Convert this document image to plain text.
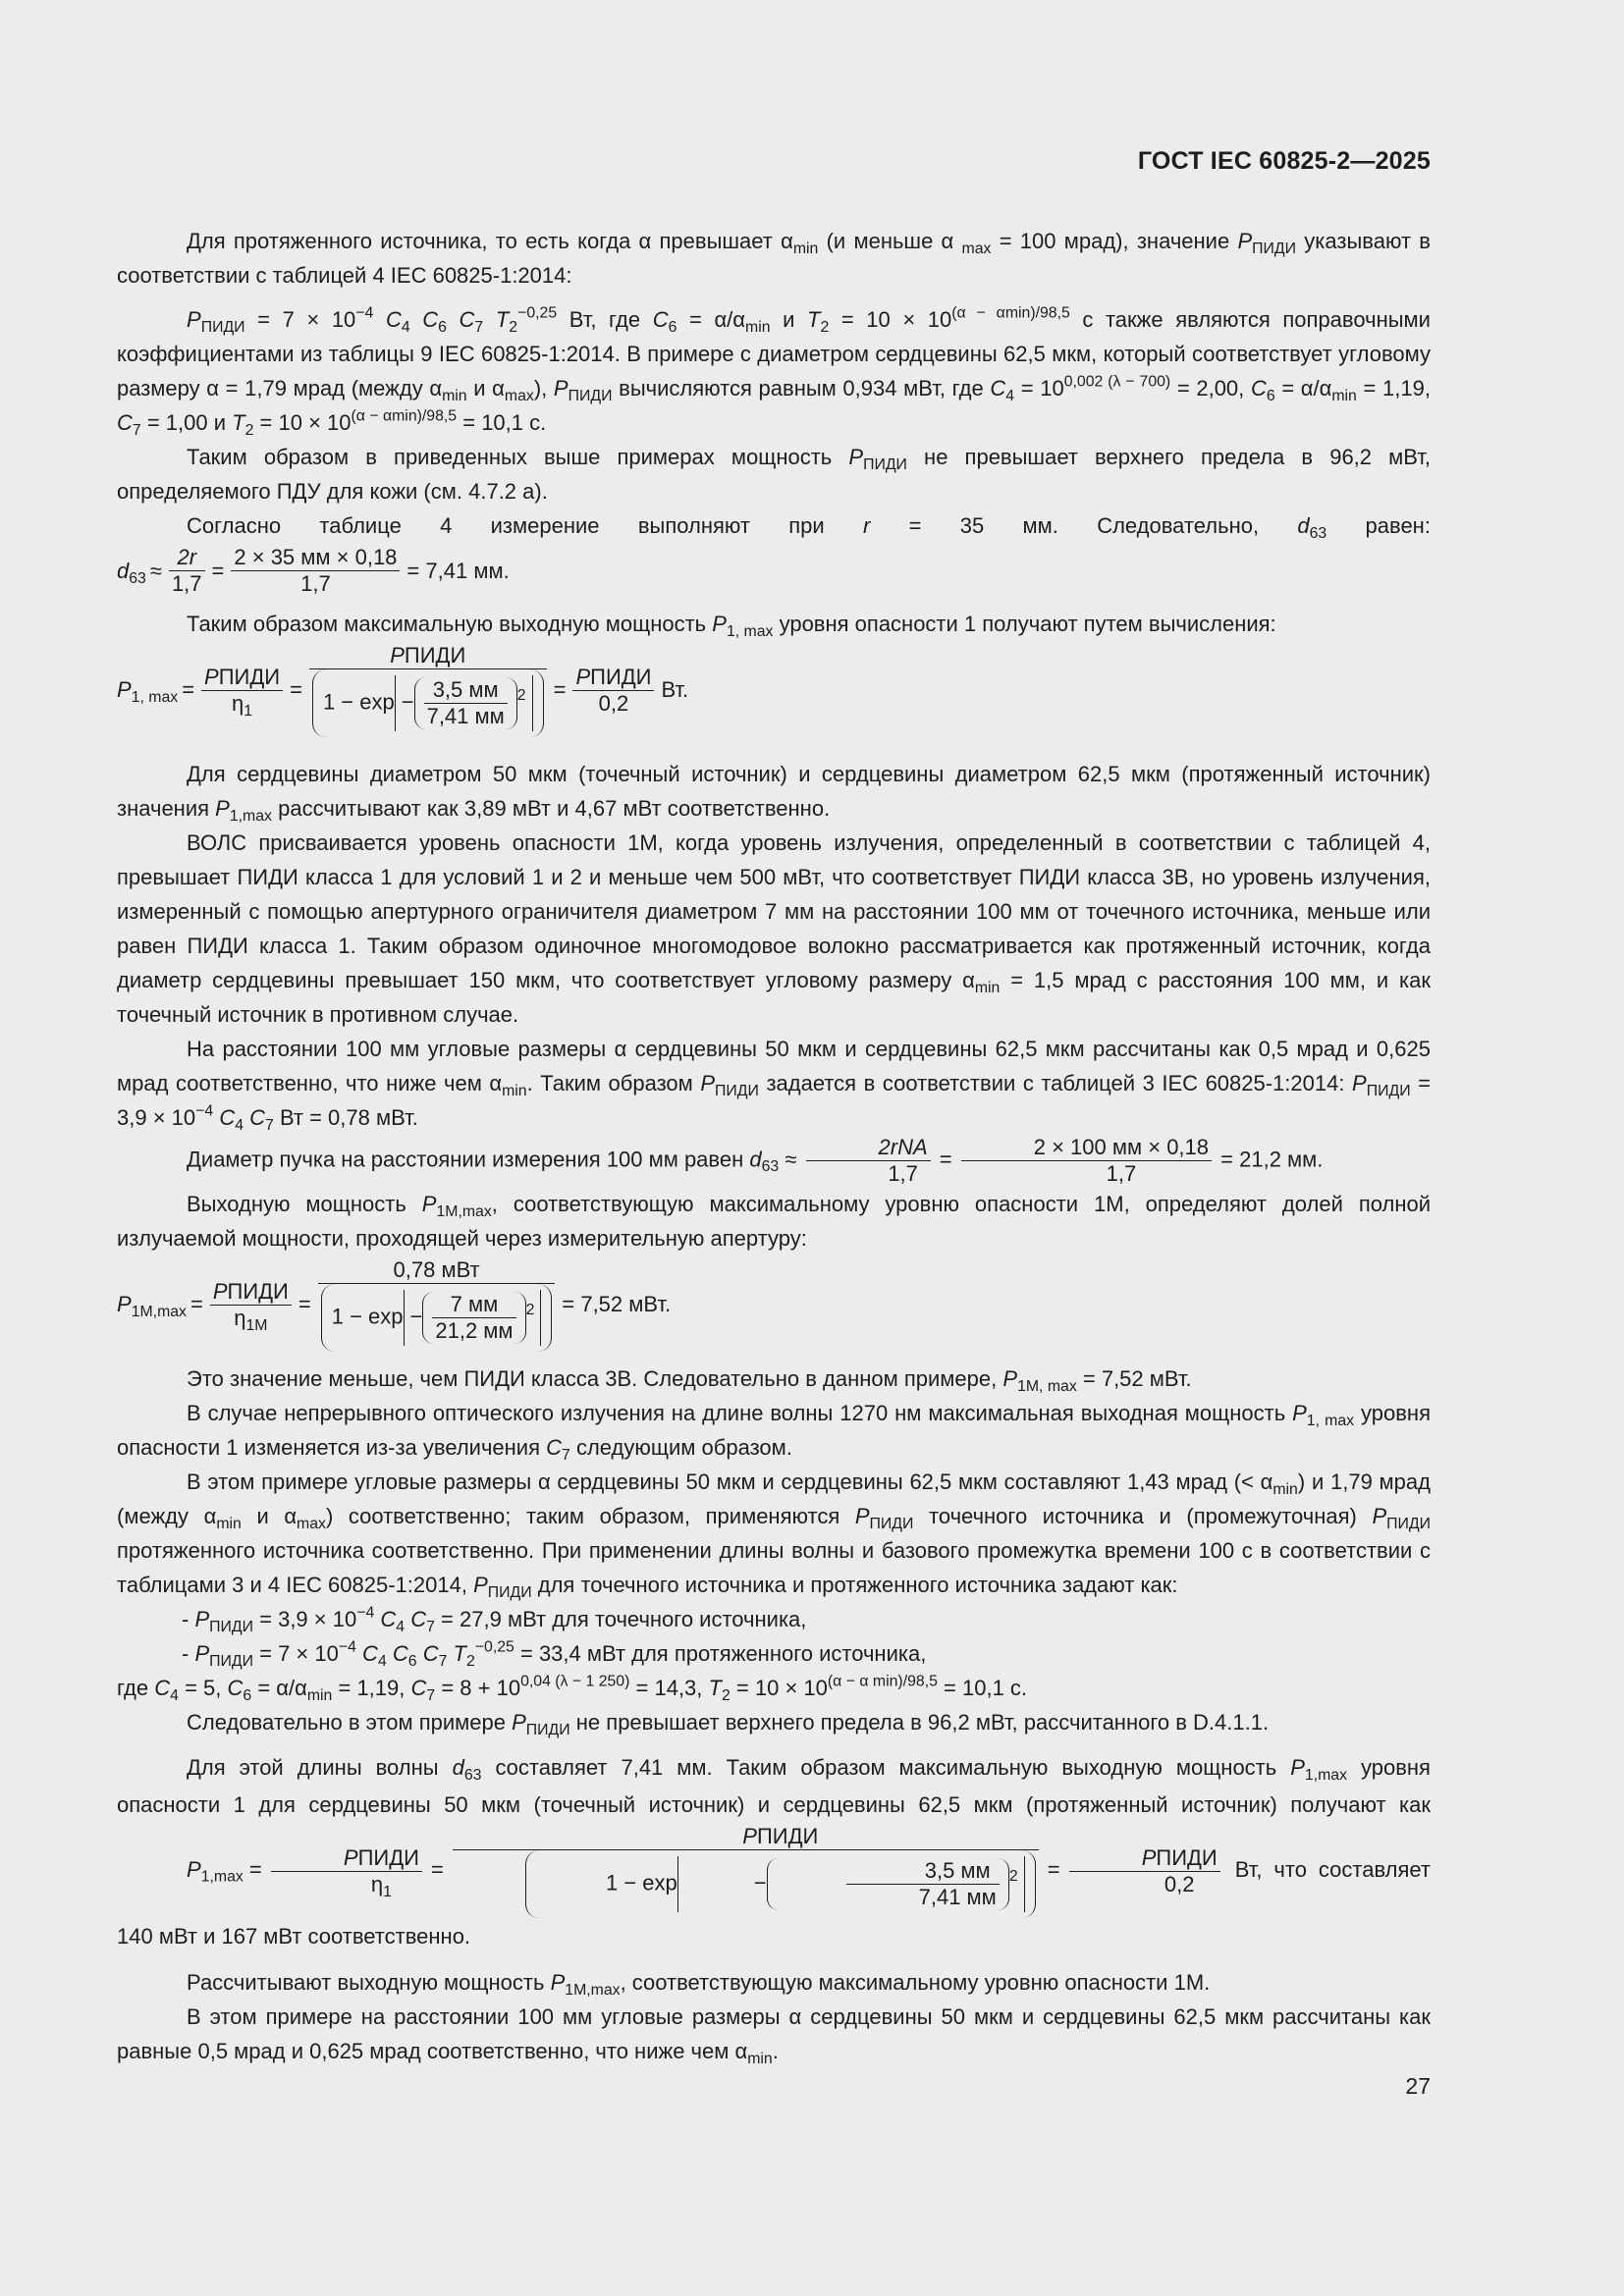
ГОСТ IEC 60825-2—2025

Для протяженного источника, то есть когда α превышает $\alpha_{min}$ (и меньше α $_{max}$ = 100 мрад), значение $P_{ПИДИ}$ указывают в соответствии с таблицей 4 IEC 60825-1:2014:

$P_{ПИДИ} = 7 \times 10^{-4}$ $C_4$ $C_6$ $C_7$ $T_2^{-0,25}$ Вт, где $C_6 = \alpha/\alpha_{min}$ и $T_2 = 10 \times 10^{(\alpha - \alpha min)/98,5}$ с также являются поправочными коэффициентами из таблицы 9 IEC 60825-1:2014. В примере с диаметром сердцевины 62,5 мкм, который соответствует угловому размеру α = 1,79 мрад (между $\alpha_{min}$ и $\alpha_{max}$), $P_{ПИДИ}$ вычисляются равным 0,934 мВт, где $C_4 = 10^{0,002 (\lambda - 700)} = 2,00$, $C_6 = \alpha/\alpha_{min} = 1,19$, $C_7 = 1,00$ и $T_2 = 10 \times 10^{(\alpha - \alpha min)/98,5} = 10,1$ с.

Таким образом в приведенных выше примерах мощность $P_{ПИДИ}$ не превышает верхнего предела в 96,2 мВт, определяемого ПДУ для кожи (см. 4.7.2 а).

Согласно таблице 4 измерение выполняют при r = 35 мм. Следовательно, $d_{63}$ равен:

$d_{63} \approx \frac{2r}{1,7} = \frac{2 \times 35 мм \times 0,18}{1,7} = 7,41$ мм.

Таким образом максимальную выходную мощность $P_{1, max}$ уровня опасности 1 получают путем вычисления:

$P_{1, max} = \frac{\text{PПИДИ}}{\eta_1} = \frac{\text{PПИДИ}}{1 - \exp - \frac{3,5 мм}{7,41 мм} ^2} = \frac{\text{PПИДИ}}{0,2}$ Вт.

Для сердцевины диаметром 50 мкм (точечный источник) и сердцевины диаметром 62,5 мкм (протяженный источник) значения $P_{1,max}$ рассчитывают как 3,89 мВт и 4,67 мВт соответственно.

ВОЛС присваивается уровень опасности 1М, когда уровень излучения, определенный в соответствии с таблицей 4, превышает ПИДИ класса 1 для условий 1 и 2 и меньше чем 500 мВт, что соответствует ПИДИ класса 3В, но уровень излучения, измеренный с помощью апертурного ограничителя диаметром 7 мм на расстоянии 100 мм от точечного источника, меньше или равен ПИДИ класса 1. Таким образом одиночное многомодовое волокно рассматривается как протяженный источник, когда диаметр сердцевины превышает 150 мкм, что соответствует угловому размеру $\alpha_{min} = 1,5$ мрад с расстояния 100 мм, и как точечный источник в противном случае.

На расстоянии 100 мм угловые размеры α сердцевины 50 мкм и сердцевины 62,5 мкм рассчитаны как 0,5 мрад и 0,625 мрад соответственно, что ниже чем $\alpha_{min}$. Таким образом $P_{ПИДИ}$ задается в соответствии с таблицей 3 IEC 60825-1:2014: $P_{ПИДИ} = 3,9 \times 10^{-4}$ $C_4$ $C_7$ Вт = 0,78 мВт.

Диаметр пучка на расстоянии измерения 100 мм равен $d_{63} \approx \frac{\text{2rNA}}{1,7} = \frac{2 \times 100 мм \times 0,18}{1,7} = 21,2$ мм.

Выходную мощность $P_{1M,max}$, соответствующую максимальному уровню опасности 1М, определяют долей полной излучаемой мощности, проходящей через измерительную апертуру:

$P_{1M,max} = \frac{\text{PПИДИ}}{\eta_{1M}} = \frac{\text{0,78 мВт}}{1 - \exp - \frac{7 мм}{21,2 мм} ^2} = 7,52$ мВт.

Это значение меньше, чем ПИДИ класса 3В. Следовательно в данном примере, $P_{1M, max} = 7,52$ мВт.

В случае непрерывного оптического излучения на длине волны 1270 нм максимальная выходная мощность $P_{1, max}$ уровня опасности 1 изменяется из-за увеличения $C_7$ следующим образом.

В этом примере угловые размеры α сердцевины 50 мкм и сердцевины 62,5 мкм составляют 1,43 мрад (< $\alpha_{min}$) и 1,79 мрад (между $\alpha_{min}$ и $\alpha_{max}$) соответственно; таким образом, применяются $P_{ПИДИ}$ точечного источника и (промежуточная) $P_{ПИДИ}$ протяженного источника соответственно. При применении длины волны и базового промежутка времени 100 с в соответствии с таблицами 3 и 4 IEC 60825-1:2014, $P_{ПИДИ}$ для точечного источника и протяженного источника задают как:

- $P_{ПИДИ} = 3,9 \times 10^{-4}$ $C_4$ $C_7 = 27,9$ мВт для точечного источника,

- $P_{ПИДИ} = 7 \times 10^{-4}$ $C_4$ $C_6$ $C_7$ $T_2^{-0,25} = 33,4$ мВт для протяженного источника,

где $C_4 = 5$, $C_6 = \alpha/\alpha_{min} = 1,19$, $C_7 = 8 + 10^{0,04 (\lambda - 1 250)} = 14,3$, $T_2 = 10 \times 10^{(\alpha - \alpha min)/98,5} = 10,1$ с.

Следовательно в этом примере $P_{ПИДИ}$ не превышает верхнего предела в 96,2 мВт, рассчитанного в D.4.1.1.

Для этой длины волны $d_{63}$ составляет 7,41 мм. Таким образом максимальную выходную мощность $P_{1,max}$ уровня опасности 1 для сердцевины 50 мкм (точечный источник) и сердцевины 62,5 мкм (протяженный источник) получают как $P_{1,max} = \frac{\text{PПИДИ}}{\eta_1}$ = PПИДИ
1 − exp	−	$\frac{3,5 мм}{7,41 мм} ^2 = \frac{\text{PПИДИ}}{0,2}$ Вт, что составляет 140 мВт и 167 мВт соответственно.

Рассчитывают выходную мощность $P_{1M,max}$, соответствующую максимальному уровню опасности 1М.

В этом примере на расстоянии 100 мм угловые размеры α сердцевины 50 мкм и сердцевины 62,5 мкм рассчитаны как равные 0,5 мрад и 0,625 мрад соответственно, что ниже чем $\alpha_{min}$.

27
